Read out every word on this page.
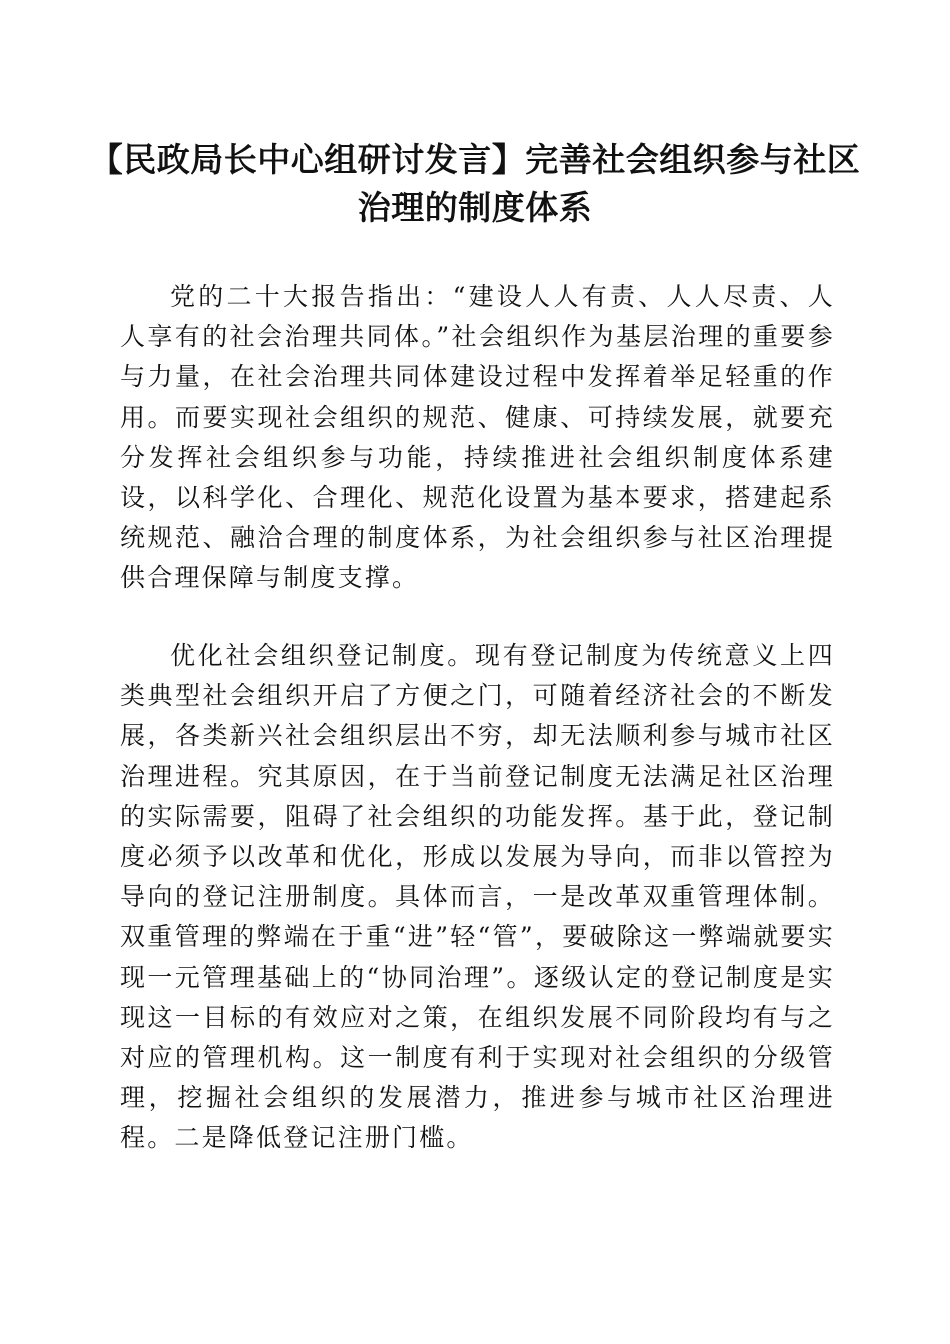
【民政局长中心组研讨发言】完善社会组织参与社区治理的制度体系

党的二十大报告指出：“建设人人有责、人人尽责、人人享有的社会治理共同体。”社会组织作为基层治理的重要参与力量，在社会治理共同体建设过程中发挥着举足轻重的作用。而要实现社会组织的规范、健康、可持续发展，就要充分发挥社会组织参与功能，持续推进社会组织制度体系建设，以科学化、合理化、规范化设置为基本要求，搭建起系统规范、融洽合理的制度体系，为社会组织参与社区治理提供合理保障与制度支撑。

优化社会组织登记制度。现有登记制度为传统意义上四类典型社会组织开启了方便之门，可随着经济社会的不断发展，各类新兴社会组织层出不穷，却无法顺利参与城市社区治理进程。究其原因，在于当前登记制度无法满足社区治理的实际需要，阻碍了社会组织的功能发挥。基于此，登记制度必须予以改革和优化，形成以发展为导向，而非以管控为导向的登记注册制度。具体而言，一是改革双重管理体制。双重管理的弊端在于重“进”轻“管”，要破除这一弊端就要实现一元管理基础上的“协同治理”。逐级认定的登记制度是实现这一目标的有效应对之策，在组织发展不同阶段均有与之对应的管理机构。这一制度有利于实现对社会组织的分级管理，挖掘社会组织的发展潜力，推进参与城市社区治理进程。二是降低登记注册门槛。
